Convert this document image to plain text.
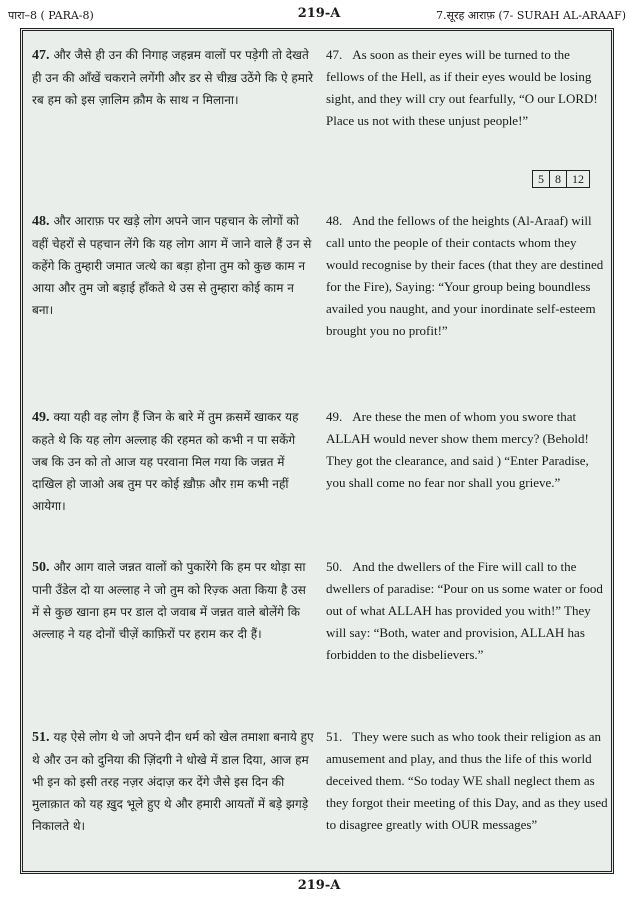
पारा–8 ( PARA-8)	219-A	7.सूरह आराफ़ (7- SURAH AL-ARAAF)
47. और जैसे ही उन की निगाह जहन्नम वालों पर पड़ेगी तो देखते ही उन की आँखें चकराने लगेंगी और डर से चीख़ उठेंगे कि ऐ हमारे रब हम को इस ज़ालिम क़ौम के साथ न मिलाना।
47. As soon as their eyes will be turned to the fellows of the Hell, as if their eyes would be losing sight, and they will cry out fearfully, “O our LORD! Place us not with these unjust people!”
5 8 12
48. और आराफ़ पर खड़े लोग अपने जान पहचान के लोगों को वहीं चेहरों से पहचान लेंगे कि यह लोग आग में जाने वाले हैं उन से कहेंगे कि तुम्हारी जमात जत्थे का बड़ा होना तुम को कुछ काम न आया और तुम जो बड़ाई हाँकते थे उस से तुम्हारा कोई काम न बना।
48. And the fellows of the heights (Al-Araaf) will call unto the people of their contacts whom they would recognise by their faces (that they are destined for the Fire), Saying: “Your group being boundless availed you naught, and your inordinate self-esteem brought you no profit!”
49. क्या यही वह लोग हैं जिन के बारे में तुम क़समें खाकर यह कहते थे कि यह लोग अल्लाह की रहमत को कभी न पा सकेंगे जब कि उन को तो आज यह परवाना मिल गया कि जन्नत में दाखिल हो जाओ अब तुम पर कोई ख़ौफ़ और ग़म कभी नहीं आयेगा।
49. Are these the men of whom you swore that ALLAH would never show them mercy? (Behold! They got the clearance, and said ) “Enter Paradise, you shall come no fear nor shall you grieve.”
50. और आग वाले जन्नत वालों को पुकारेंगे कि हम पर थोड़ा सा पानी उँडेल दो या अल्लाह ने जो तुम को रिज़्क अता किया है उस में से कुछ खाना हम पर डाल दो जवाब में जन्नत वाले बोलेंगे कि अल्लाह ने यह दोनों चीज़ें काफ़िरों पर हराम कर दी हैं।
50. And the dwellers of the Fire will call to the dwellers of paradise: “Pour on us some water or food out of what ALLAH has provided you with!” They will say: “Both, water and provision, ALLAH has forbidden to the disbelievers.”
51. यह ऐसे लोग थे जो अपने दीन धर्म को खेल तमाशा बनाये हुए थे और उन को दुनिया की ज़िंदगी ने धोखे में डाल दिया, आज हम भी इन को इसी तरह नज़र अंदाज़ कर देंगे जैसे इस दिन की मुलाक़ात को यह ख़ुद भूले हुए थे और हमारी आयतों में बड़े झगड़े निकालते थे।
51. They were such as who took their religion as an amusement and play, and thus the life of this world deceived them. “So today WE shall neglect them as they forgot their meeting of this Day, and as they used to disagree greatly with OUR messages”
219-A
